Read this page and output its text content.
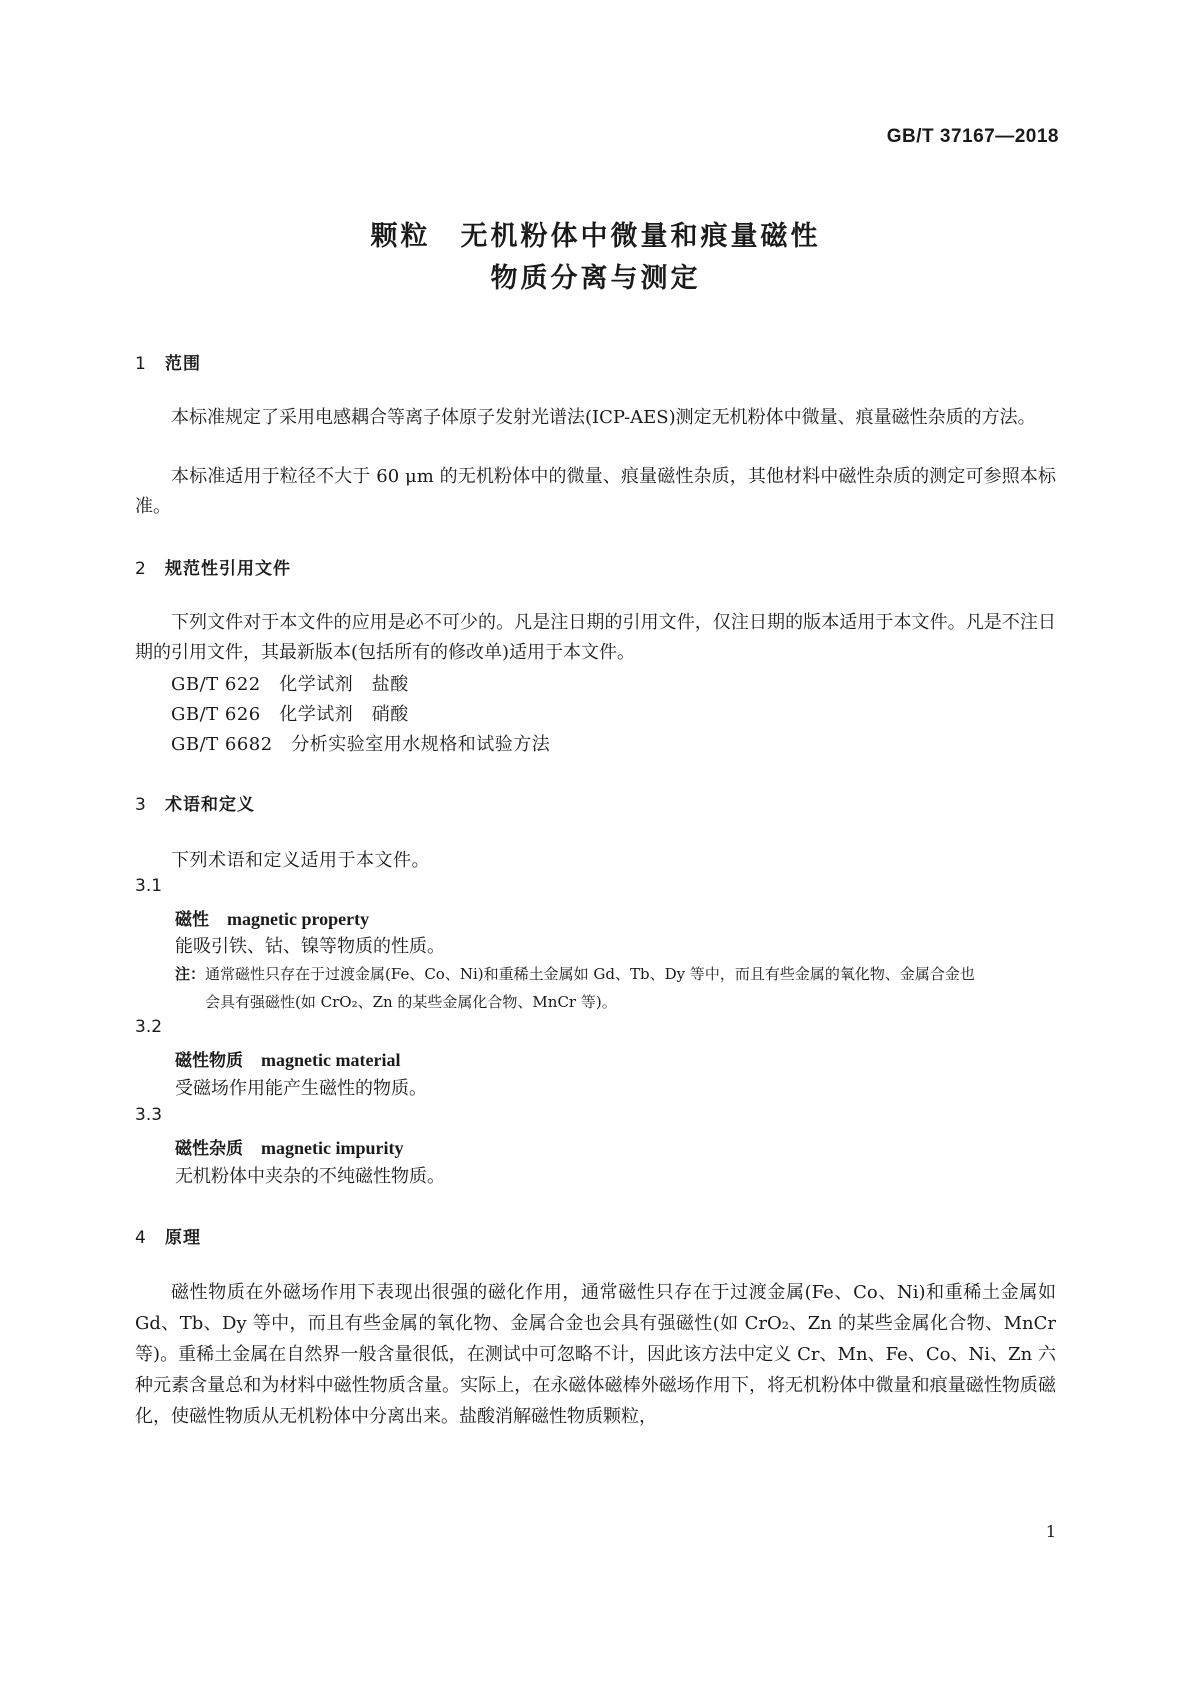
GB/T 37167—2018
颗粒　无机粉体中微量和痕量磁性
物质分离与测定
1 范围
本标准规定了采用电感耦合等离子体原子发射光谱法(ICP-AES)测定无机粉体中微量、痕量磁性杂质的方法。
本标准适用于粒径不大于 60 μm 的无机粉体中的微量、痕量磁性杂质，其他材料中磁性杂质的测定可参照本标准。
2 规范性引用文件
下列文件对于本文件的应用是必不可少的。凡是注日期的引用文件，仅注日期的版本适用于本文件。凡是不注日期的引用文件，其最新版本(包括所有的修改单)适用于本文件。
GB/T 622　化学试剂　盐酸
GB/T 626　化学试剂　硝酸
GB/T 6682　分析实验室用水规格和试验方法
3 术语和定义
下列术语和定义适用于本文件。
3.1
磁性 magnetic property
能吸引铁、钴、镍等物质的性质。
注：通常磁性只存在于过渡金属(Fe、Co、Ni)和重稀土金属如 Gd、Tb、Dy 等中，而且有些金属的氧化物、金属合金也
会具有强磁性(如 CrO₂、Zn 的某些金属化合物、MnCr 等)。
3.2
磁性物质 magnetic material
受磁场作用能产生磁性的物质。
3.3
磁性杂质 magnetic impurity
无机粉体中夹杂的不纯磁性物质。
4 原理
磁性物质在外磁场作用下表现出很强的磁化作用，通常磁性只存在于过渡金属(Fe、Co、Ni)和重稀土金属如 Gd、Tb、Dy 等中，而且有些金属的氧化物、金属合金也会具有强磁性(如 CrO₂、Zn 的某些金属化合物、MnCr 等)。重稀土金属在自然界一般含量很低，在测试中可忽略不计，因此该方法中定义 Cr、Mn、Fe、Co、Ni、Zn 六种元素含量总和为材料中磁性物质含量。实际上，在永磁体磁棒外磁场作用下，将无机粉体中微量和痕量磁性物质磁化，使磁性物质从无机粉体中分离出来。盐酸消解磁性物质颗粒，
1
